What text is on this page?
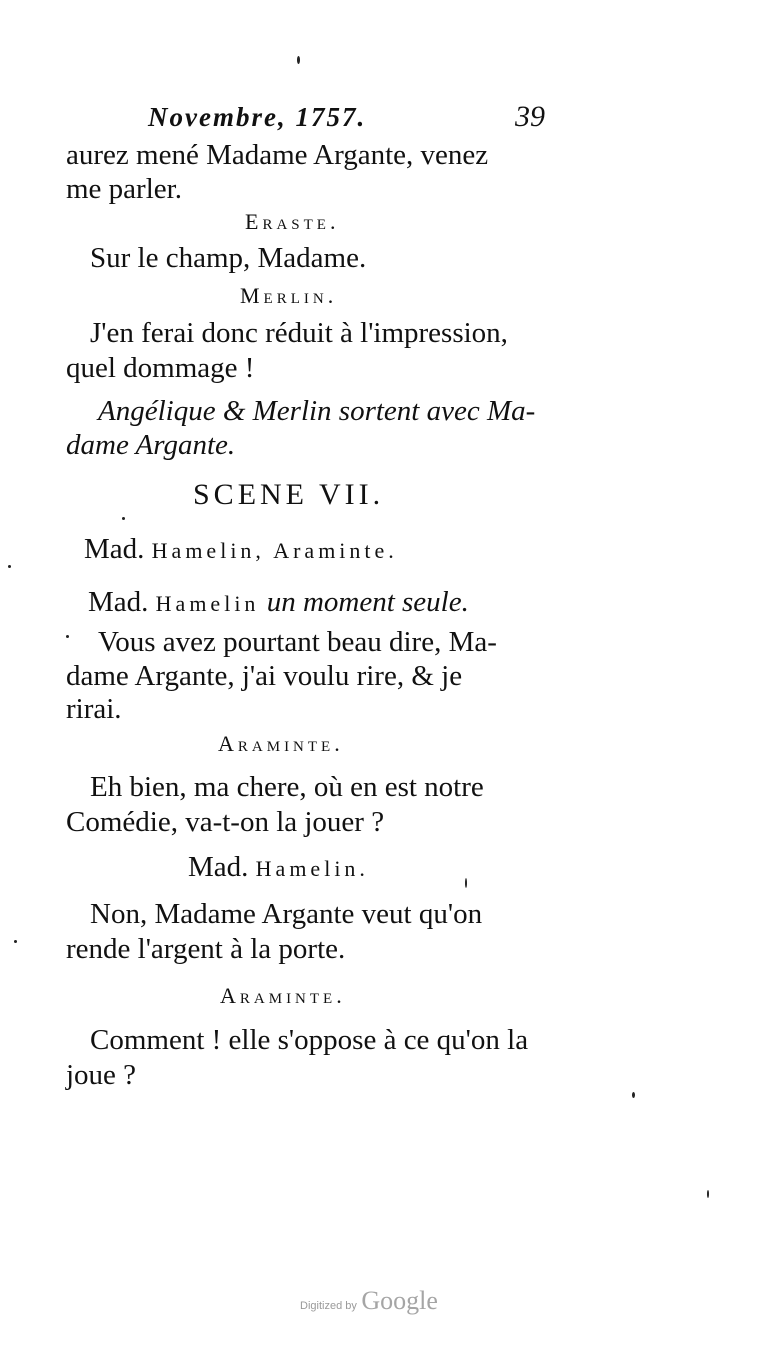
Novembre, 1757.	39
aurez mené Madame Argante, venez
me parler.
Eraste.
Sur le champ, Madame.
Merlin.
J'en ferai donc réduit à l'impression,
quel dommage !
Angélique & Merlin sortent avec Ma-
dame Argante.
SCENE VII.
Mad. Hamelin, Araminte.
Mad. Hamelin un moment seule.
Vous avez pourtant beau dire, Ma-
dame Argante, j'ai voulu rire, & je
rirai.
Araminte.
Eh bien, ma chere, où en est notre
Comédie, va-t-on la jouer ?
Mad. Hamelin.
Non, Madame Argante veut qu'on
rende l'argent à la porte.
Araminte.
Comment ! elle s'oppose à ce qu'on la
joue ?
Digitized by Google
